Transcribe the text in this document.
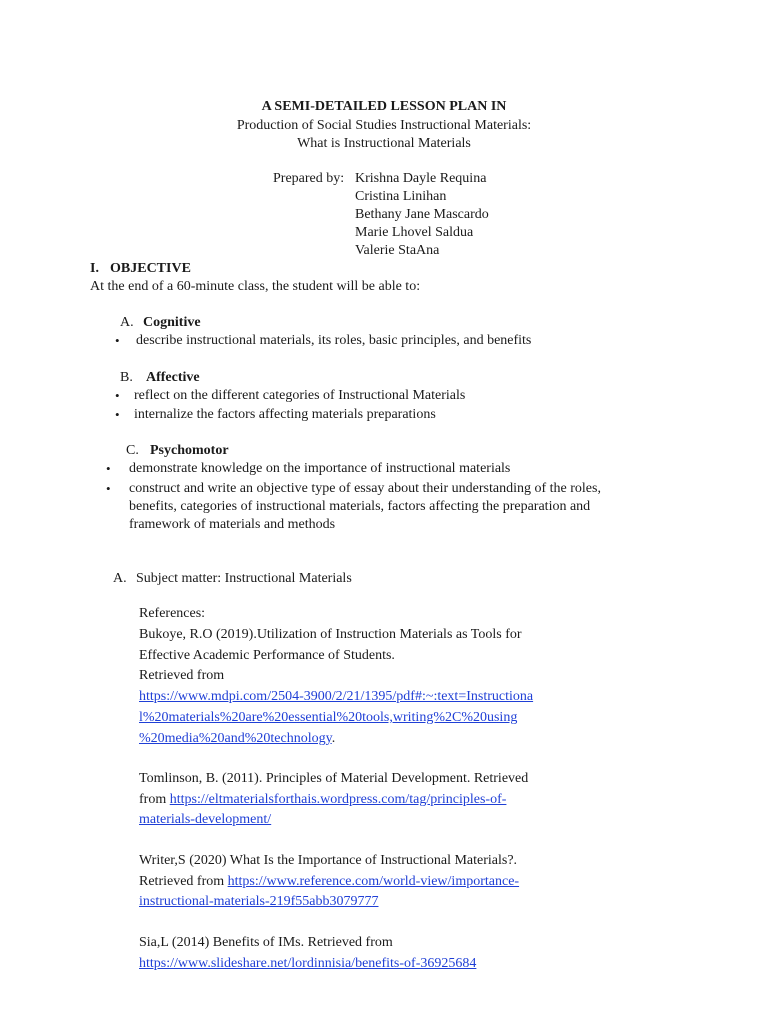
A SEMI-DETAILED LESSON PLAN IN
Production of Social Studies Instructional Materials:
What is Instructional Materials
Prepared by: Krishna Dayle Requina
Cristina Linihan
Bethany Jane Mascardo
Marie Lhovel Saldua
Valerie StaAna
I. OBJECTIVE
At the end of a 60-minute class, the student will be able to:
A. Cognitive
• describe instructional materials, its roles, basic principles, and benefits
B. Affective
• reflect on the different categories of Instructional Materials
• internalize the factors affecting materials preparations
C. Psychomotor
• demonstrate knowledge on the importance of instructional materials
• construct and write an objective type of essay about their understanding of the roles,
benefits, categories of instructional materials, factors affecting the preparation and
framework of materials and methods
A. Subject matter: Instructional Materials
References:
Bukoye, R.O (2019).Utilization of Instruction Materials as Tools for
Effective Academic Performance of Students.
Retrieved from
https://www.mdpi.com/2504-3900/2/21/1395/pdf#:~:text=Instructiona
l%20materials%20are%20essential%20tools,writing%2C%20using
%20media%20and%20technology.
Tomlinson, B. (2011). Principles of Material Development. Retrieved
from https://eltmaterialsforthais.wordpress.com/tag/principles-of-
materials-development/
Writer,S (2020) What Is the Importance of Instructional Materials?.
Retrieved from https://www.reference.com/world-view/importance-
instructional-materials-219f55abb3079777
Sia,L (2014) Benefits of IMs. Retrieved from
https://www.slideshare.net/lordinnisia/benefits-of-36925684
